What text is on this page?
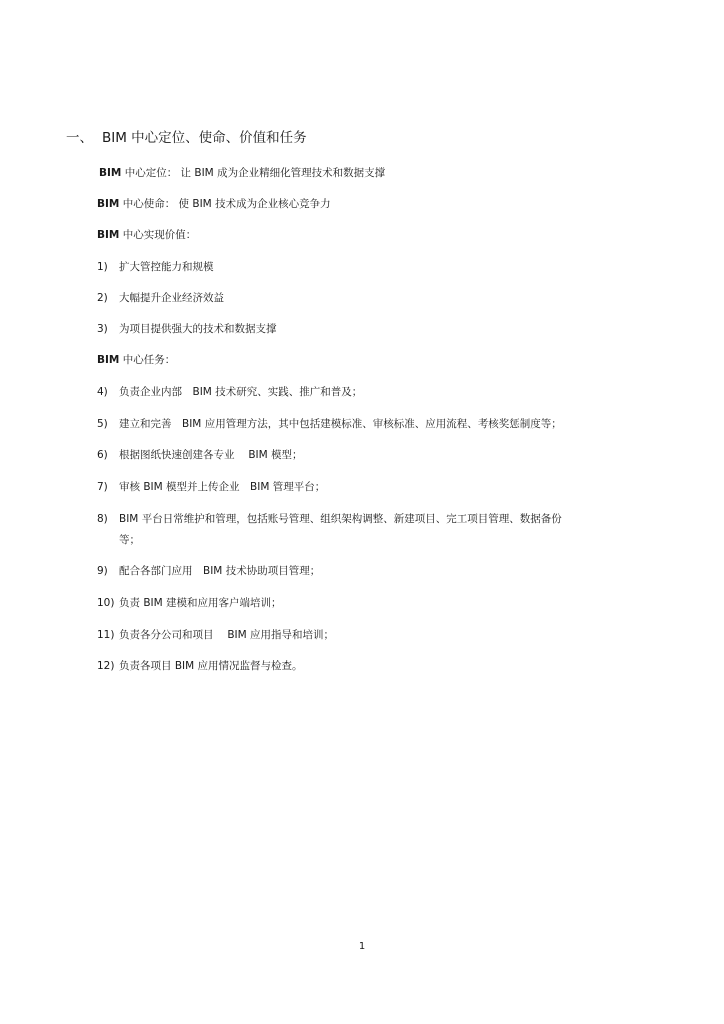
一、 BIM 中心定位、使命、价值和任务
BIM 中心定位： 让 BIM 成为企业精细化管理技术和数据支撑
BIM 中心使命： 使 BIM 技术成为企业核心竞争力
BIM 中心实现价值：
1) 扩大管控能力和规模
2) 大幅提升企业经济效益
3) 为项目提供强大的技术和数据支撑
BIM 中心任务：
4) 负责企业内部　BIM 技术研究、实践、推广和普及；
5) 建立和完善　BIM 应用管理方法，其中包括建模标准、审核标准、应用流程、考核奖惩制度等；
6) 根据图纸快速创建各专业　 BIM 模型；
7) 审核 BIM 模型并上传企业　BIM 管理平台；
8) BIM 平台日常维护和管理，包括账号管理、组织架构调整、新建项目、完工项目管理、数据备份
等；
9) 配合各部门应用　BIM 技术协助项目管理；
10) 负责 BIM 建模和应用客户端培训；
11) 负责各分公司和项目　 BIM 应用指导和培训；
12) 负责各项目 BIM 应用情况监督与检查。
1
